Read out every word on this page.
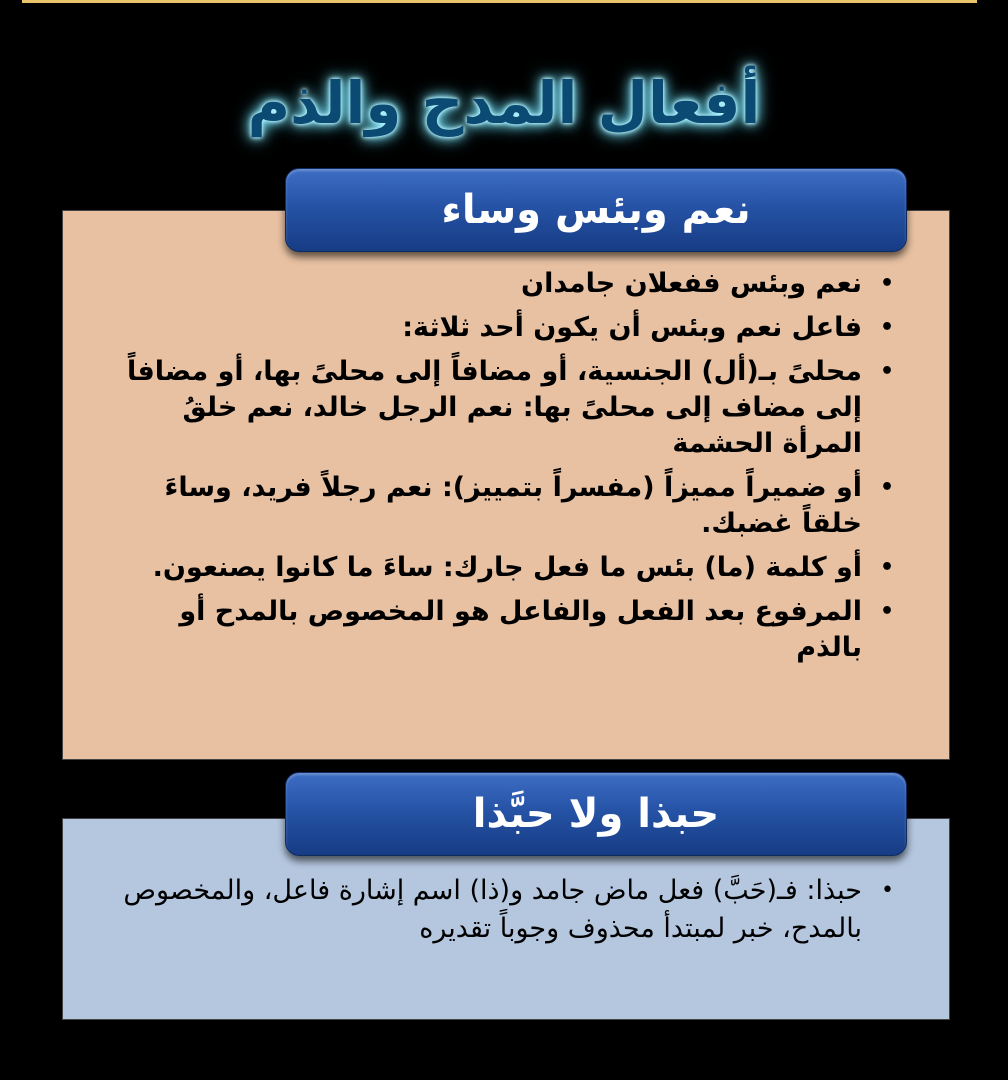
أفعال المدح والذم
نعم وبئس وساء
•
نعم وبئس ففعلان جامدان
•
فاعل نعم وبئس أن يكون أحد ثلاثة:
•
محلىً بـ(أل) الجنسية، أو مضافاً إلى محلىً بها، أو مضافاً إلى مضاف إلى محلىً بها: نعم الرجل خالد، نعم خلقُ المرأة الحشمة
•
أو ضميراً مميزاً (مفسراً بتمييز): نعم رجلاً فريد، وساءَ خلقاً غضبك.
•
أو كلمة (ما) بئس ما فعل جارك: ساءَ ما كانوا يصنعون.
•
المرفوع بعد الفعل والفاعل هو المخصوص بالمدح أو بالذم
حبذا ولا حبَّذا
•
حبذا: فـ(حَبَّ) فعل ماض جامد و(ذا) اسم إشارة فاعل، والمخصوص بالمدح، خبر لمبتدأ محذوف وجوباً تقديره
